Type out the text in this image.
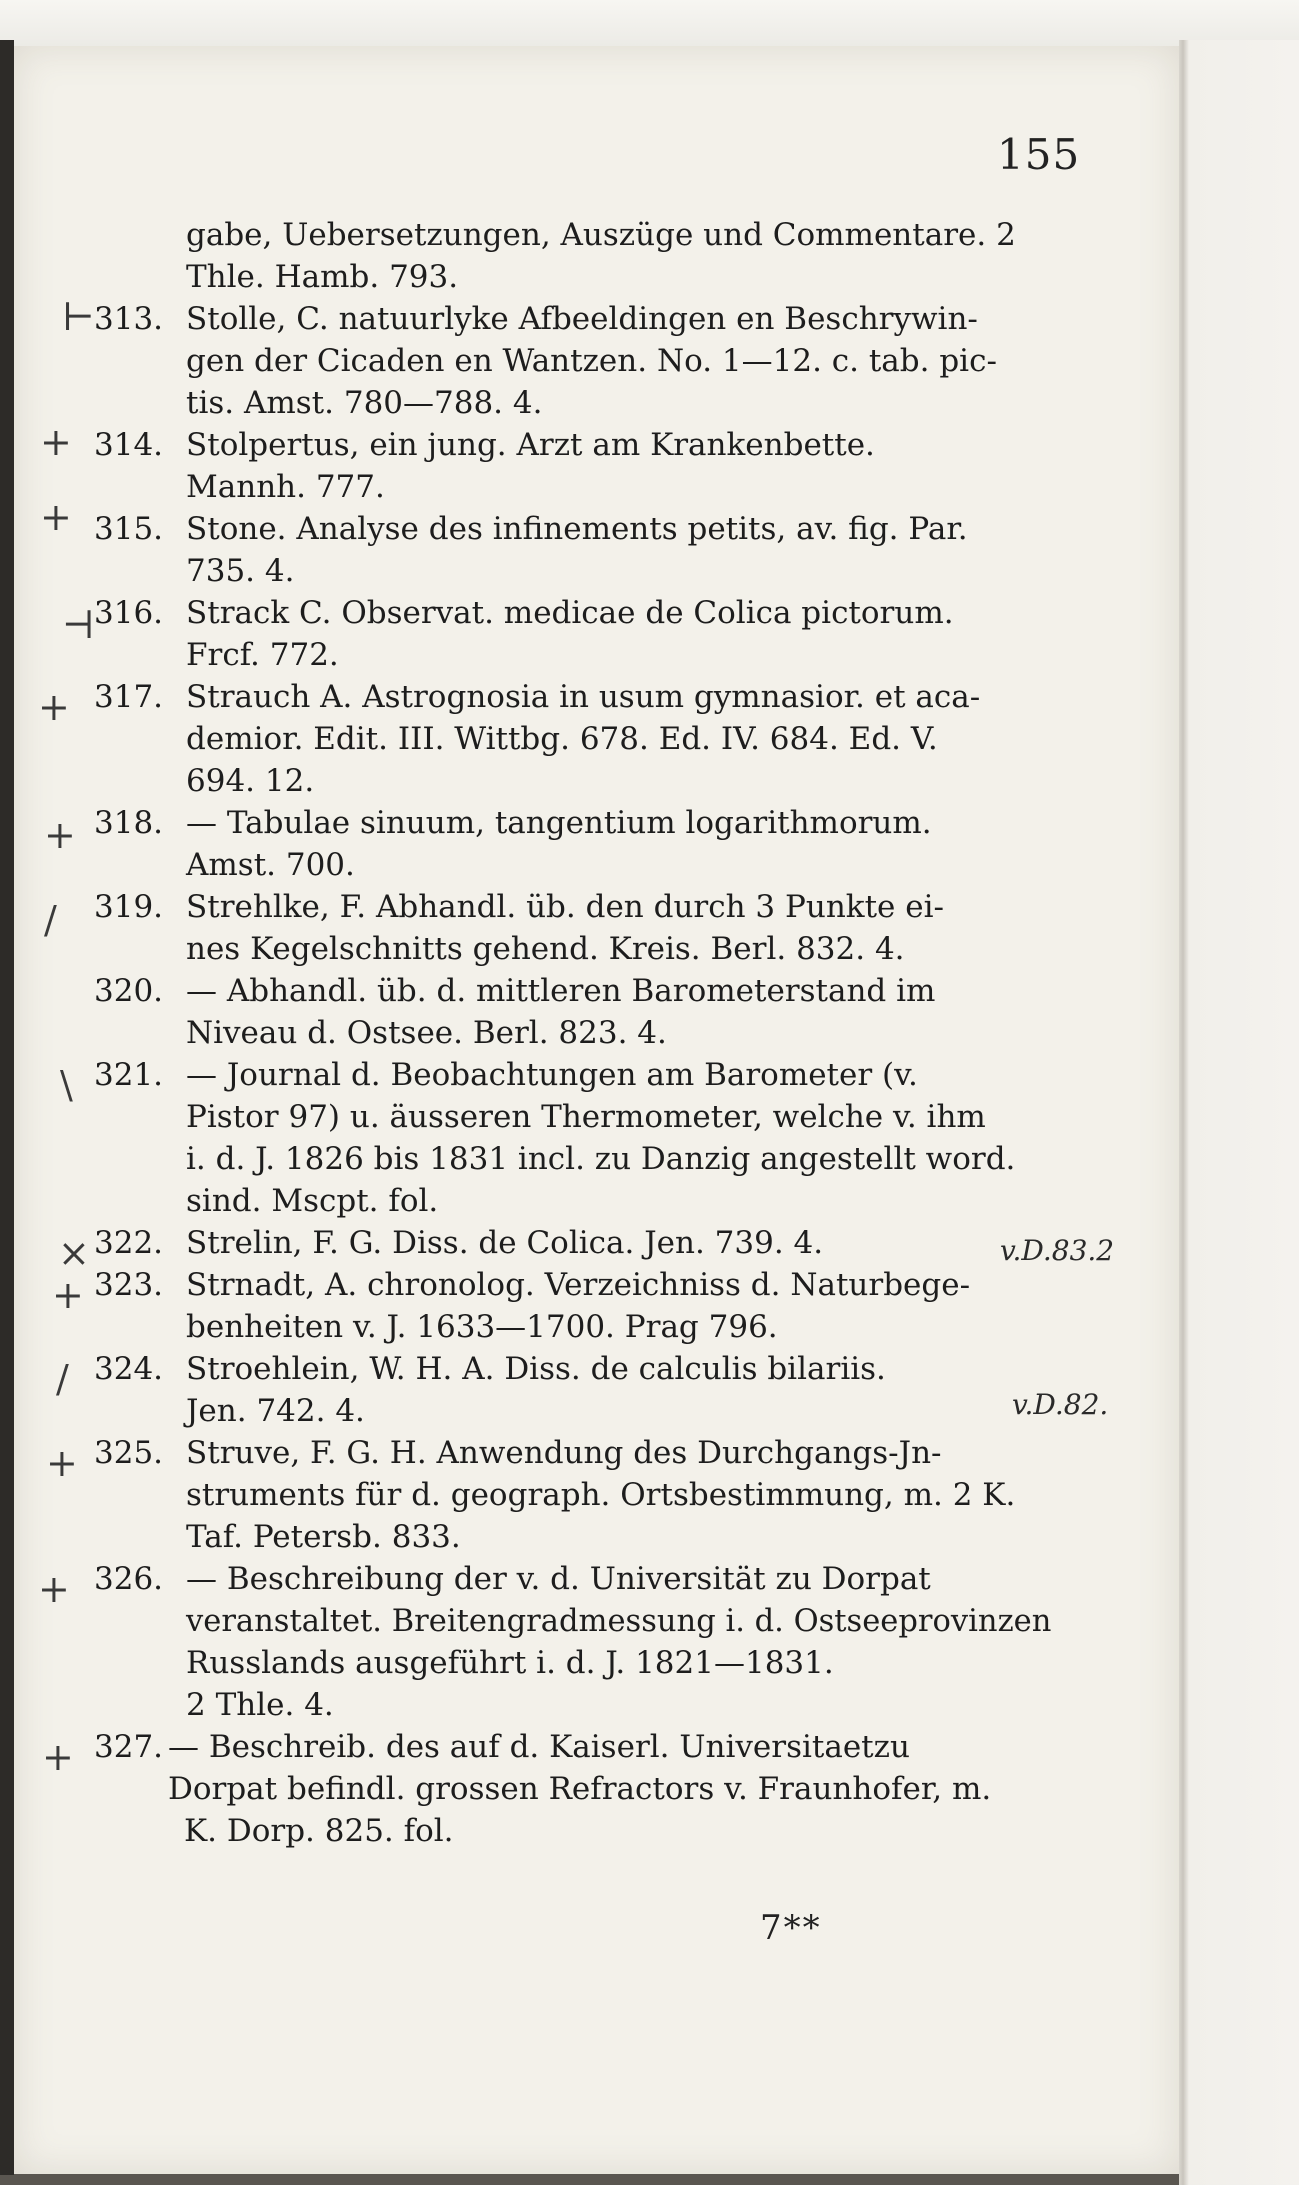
155
gabe, Uebersetzungen, Auszüge und Commentare. 2
Thle. Hamb. 793.
313. Stolle, C. natuurlyke Afbeeldingen en Beschrywin-
gen der Cicaden en Wantzen. No. 1—12. c. tab. pic-
tis. Amst. 780—788. 4.
314. Stolpertus, ein jung. Arzt am Krankenbette.
Mannh. 777.
315. Stone. Analyse des infinements petits, av. fig. Par.
735. 4.
316. Strack C. Observat. medicae de Colica pictorum.
Frcf. 772.
317. Strauch A. Astrognosia in usum gymnasior. et aca-
demior. Edit. III. Wittbg. 678. Ed. IV. 684. Ed. V.
694. 12.
318. — Tabulae sinuum, tangentium logarithmorum.
Amst. 700.
319. Strehlke, F. Abhandl. üb. den durch 3 Punkte ei-
nes Kegelschnitts gehend. Kreis. Berl. 832. 4.
320. — Abhandl. üb. d. mittleren Barometerstand im
Niveau d. Ostsee. Berl. 823. 4.
321. — Journal d. Beobachtungen am Barometer (v.
Pistor 97) u. äusseren Thermometer, welche v. ihm
i. d. J. 1826 bis 1831 incl. zu Danzig angestellt word.
sind. Mscpt. fol.
322. Strelin, F. G. Diss. de Colica. Jen. 739. 4.
323. Strnadt, A. chronolog. Verzeichniss d. Naturbege-
benheiten v. J. 1633—1700. Prag 796.
324. Stroehlein, W. H. A. Diss. de calculis bilariis.
Jen. 742. 4.
325. Struve, F. G. H. Anwendung des Durchgangs-Jn-
struments für d. geograph. Ortsbestimmung, m. 2 K.
Taf. Petersb. 833.
326. — Beschreibung der v. d. Universität zu Dorpat
veranstaltet. Breitengradmessung i. d. Ostseeprovinzen
Russlands ausgeführt i. d. J. 1821—1831.
2 Thle. 4.
327. — Beschreib. des auf d. Kaiserl. Universitaetzu
Dorpat befindl. grossen Refractors v. Fraunhofer, m.
K. Dorp. 825. fol.
⊢
+
+
⊣
+
+
/
\
×
+
/
+
+
+
v.D.83.2
v.D.82.
7**
